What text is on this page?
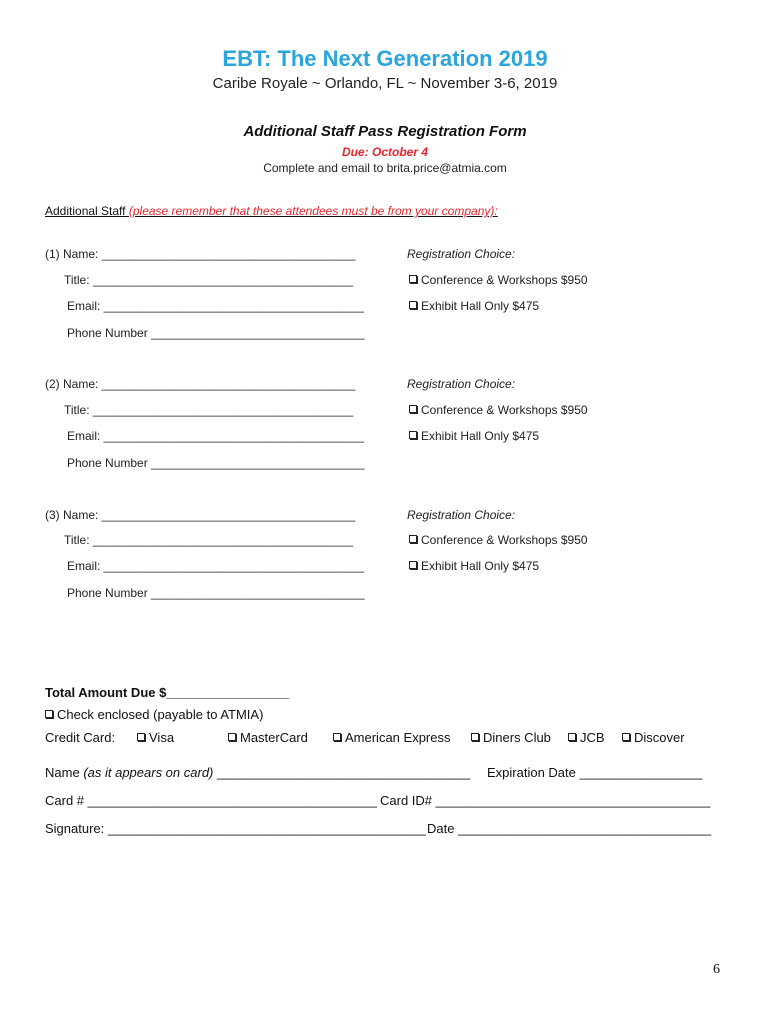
EBT: The Next Generation 2019
Caribe Royale ~ Orlando, FL ~ November 3-6, 2019
Additional Staff Pass Registration Form
Due: October 4
Complete and email to brita.price@atmia.com
Additional Staff (please remember that these attendees must be from your company):
(1) Name: ______________________________________
Title: _______________________________________
Email: _______________________________________
Phone Number ________________________________
Registration Choice:
Conference & Workshops $950
Exhibit Hall Only $475
(2) Name: ______________________________________
Title: _______________________________________
Email: _______________________________________
Phone Number ________________________________
Registration Choice:
Conference & Workshops $950
Exhibit Hall Only $475
(3) Name: ______________________________________
Title: _______________________________________
Email: _______________________________________
Phone Number ________________________________
Registration Choice:
Conference & Workshops $950
Exhibit Hall Only $475
Total Amount Due $_________________
Check enclosed (payable to ATMIA)
Credit Card:	Visa	MasterCard	American Express	Diners Club	JCB	Discover
Name (as it appears on card) ___________________________________ Expiration Date _________________
Card # ________________________________________ Card ID# ______________________________________
Signature: ____________________________________________ Date ___________________________________
6
